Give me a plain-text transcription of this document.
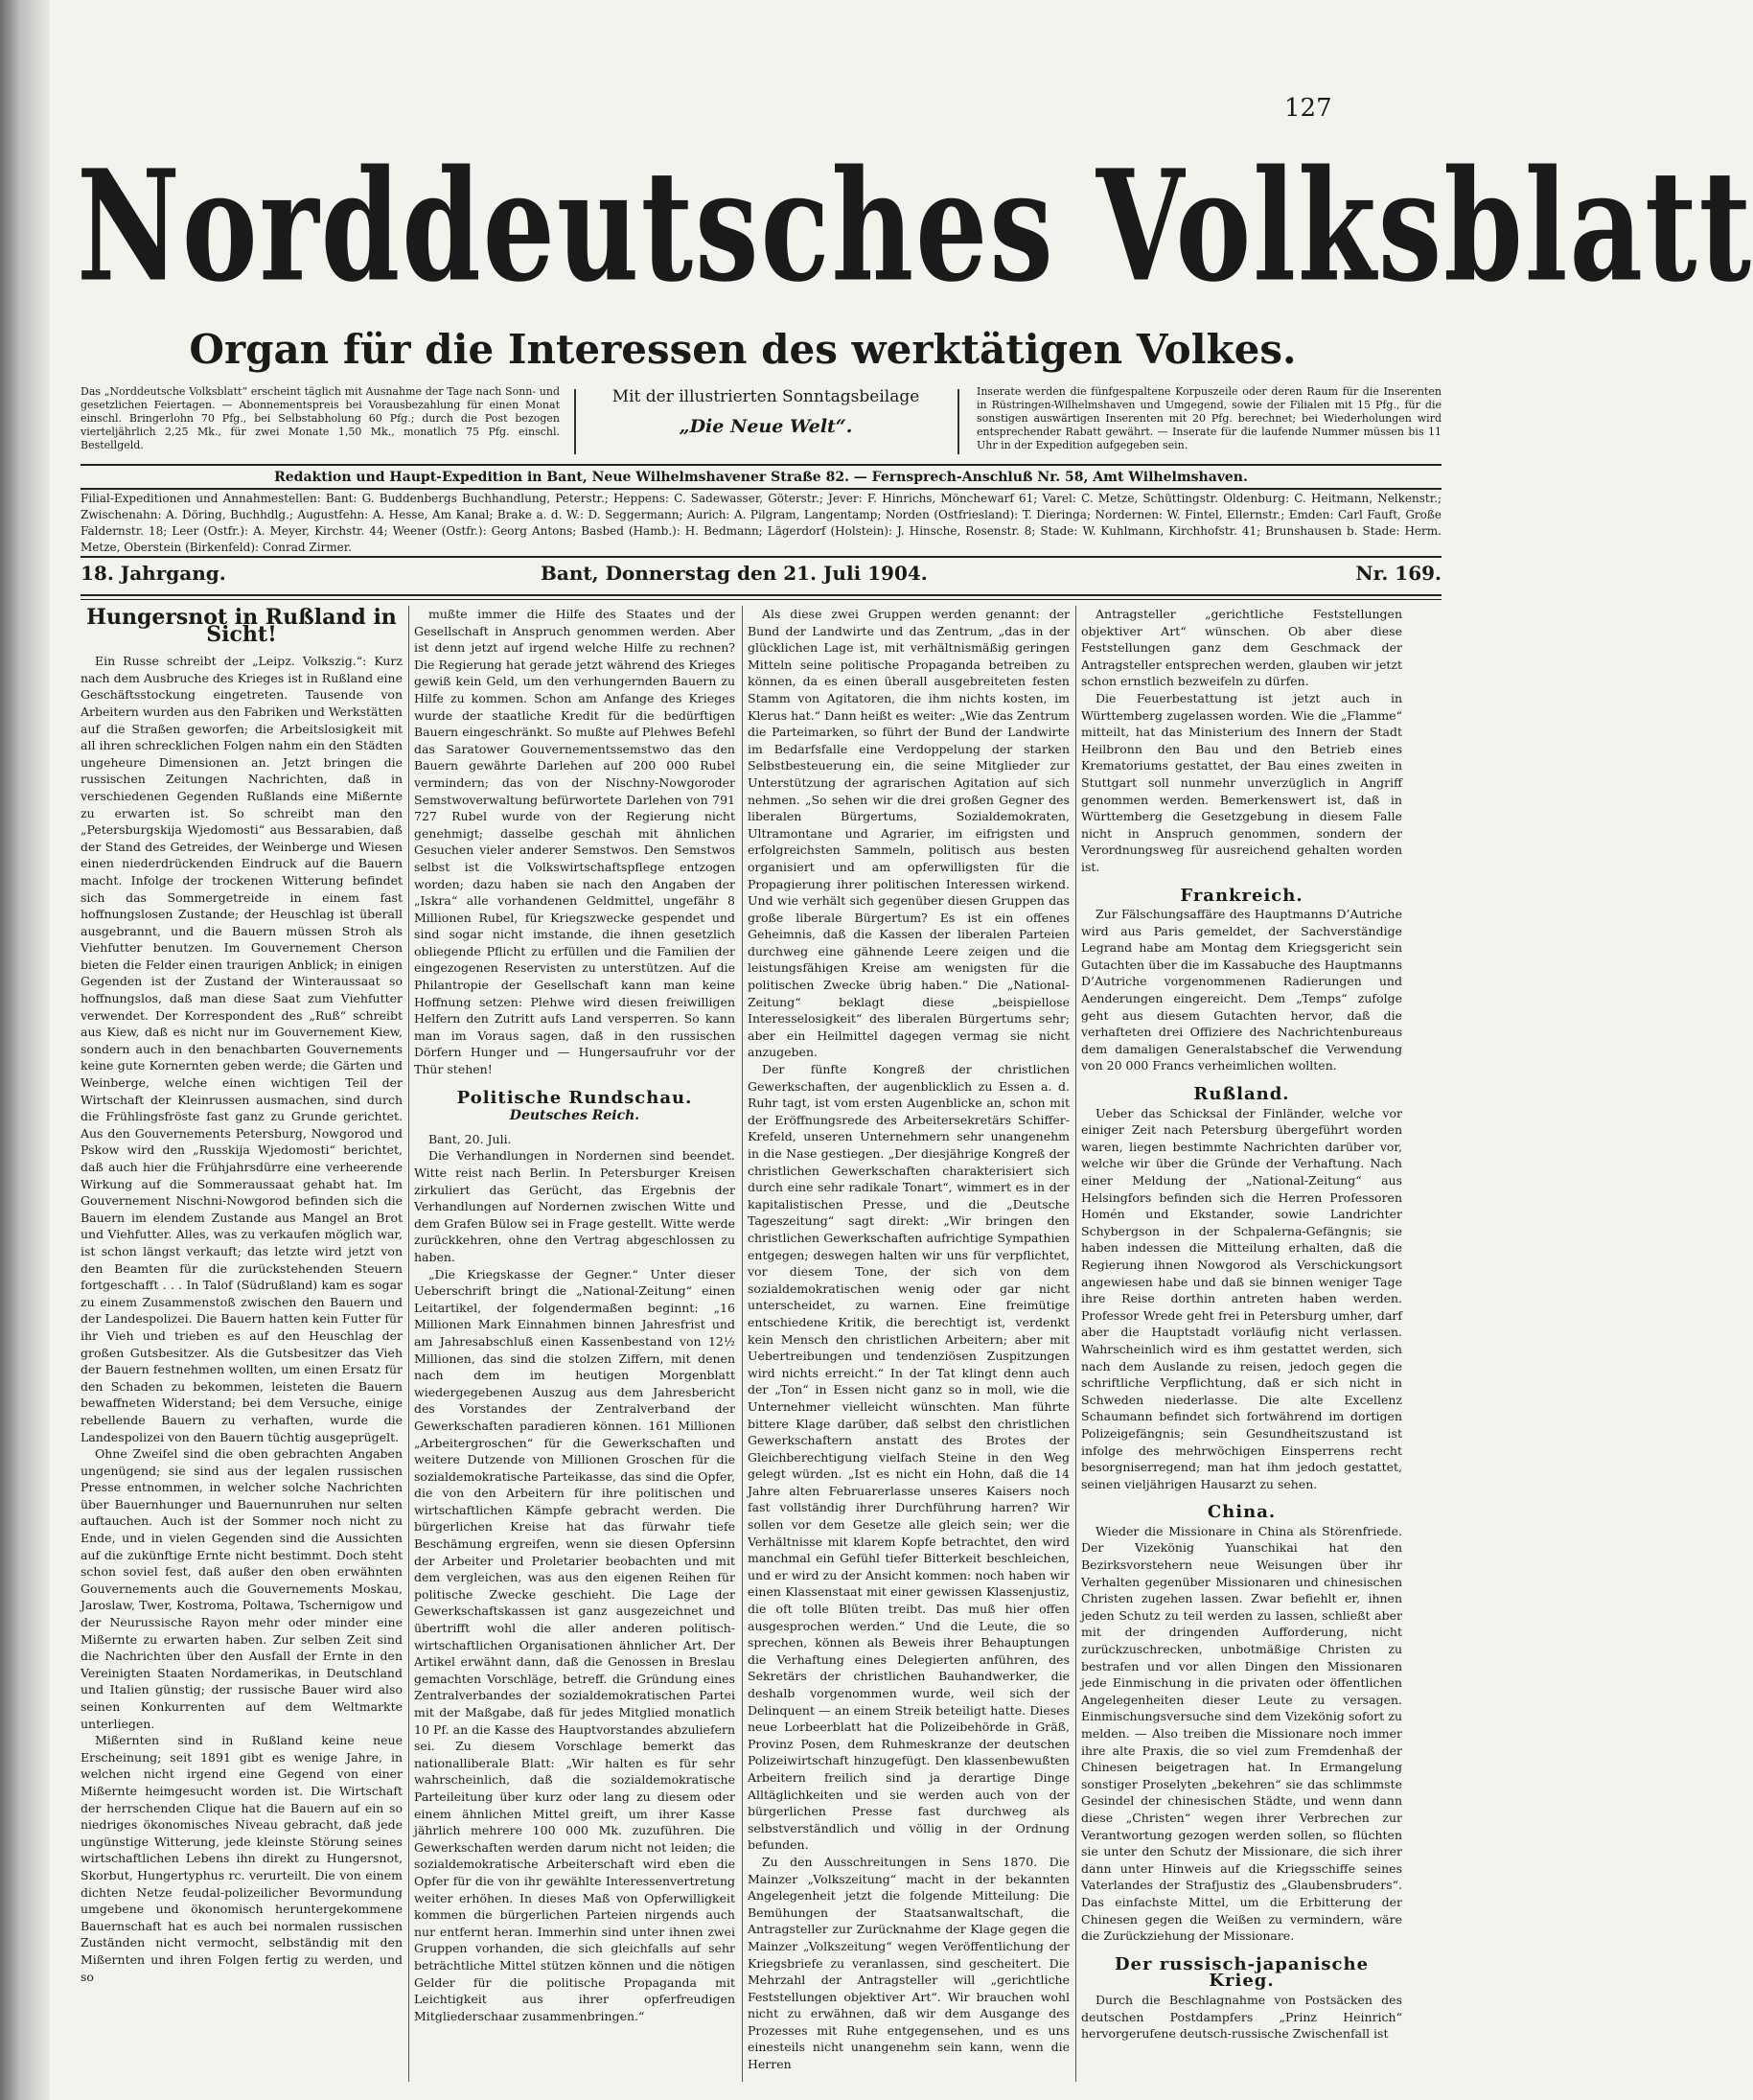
127
Norddeutsches Volksblatt
Organ für die Interessen des werktätigen Volkes.
Das „Norddeutsche Volksblatt“ erscheint täglich mit Ausnahme der Tage nach Sonn- und gesetzlichen Feiertagen. — Abonnementspreis bei Vorausbezahlung für einen Monat einschl. Bringerlohn 70 Pfg., bei Selbstabholung 60 Pfg.; durch die Post bezogen vierteljährlich 2,25 Mk., für zwei Monate 1,50 Mk., monatlich 75 Pfg. einschl. Bestellgeld.
Mit der illustrierten Sonntagsbeilage
„Die Neue Welt“.
Inserate werden die fünfgespaltene Korpuszeile oder deren Raum für die Inserenten in Rüstringen-Wilhelmshaven und Umgegend, sowie der Filialen mit 15 Pfg., für die sonstigen auswärtigen Inserenten mit 20 Pfg. berechnet; bei Wiederholungen wird entsprechender Rabatt gewährt. — Inserate für die laufende Nummer müssen bis 11 Uhr in der Expedition aufgegeben sein.
Redaktion und Haupt-Expedition in Bant, Neue Wilhelmshavener Straße 82. — Fernsprech-Anschluß Nr. 58, Amt Wilhelmshaven.
Filial-Expeditionen und Annahmestellen: Bant: G. Buddenbergs Buchhandlung, Peterstr.; Heppens: C. Sadewasser, Göterstr.; Jever: F. Hinrichs, Mönchewarf 61; Varel: C. Metze, Schüttingstr. Oldenburg: C. Heitmann, Nelkenstr.; Zwischenahn: A. Döring, Buchhdlg.; Augustfehn: A. Hesse, Am Kanal; Brake a. d. W.: D. Seggermann; Aurich: A. Pilgram, Langentamp; Norden (Ostfriesland): T. Dieringa; Nordernen: W. Fintel, Ellernstr.; Emden: Carl Fauft, Große Faldernstr. 18; Leer (Ostfr.): A. Meyer, Kirchstr. 44; Weener (Ostfr.): Georg Antons; Basbed (Hamb.): H. Bedmann; Lägerdorf (Holstein): J. Hinsche, Rosenstr. 8; Stade: W. Kuhlmann, Kirchhofstr. 41; Brunshausen b. Stade: Herm. Metze, Oberstein (Birkenfeld): Conrad Zirmer.
18. Jahrgang.	Bant, Donnerstag den 21. Juli 1904.	Nr. 169.
Hungersnot in Rußland in Sicht!

Ein Russe schreibt der „Leipz. Volkszig.“: Kurz nach dem Ausbruche des Krieges ist in Rußland eine Geschäftsstockung eingetreten. Tausende von Arbeitern wurden aus den Fabriken und Werkstätten auf die Straßen geworfen; die Arbeitslosigkeit mit all ihren schrecklichen Folgen nahm ein den Städten ungeheure Dimensionen an. Jetzt bringen die russischen Zeitungen Nachrichten, daß in verschiedenen Gegenden Rußlands eine Mißernte zu erwarten ist. So schreibt man den „Petersburgskija Wjedomosti“ aus Bessarabien, daß der Stand des Getreides, der Weinberge und Wiesen einen niederdrückenden Eindruck auf die Bauern macht. Infolge der trockenen Witterung befindet sich das Sommergetreide in einem fast hoffnungslosen Zustande; der Heuschlag ist überall ausgebrannt, und die Bauern müssen Stroh als Viehfutter benutzen. Im Gouvernement Cherson bieten die Felder einen traurigen Anblick; in einigen Gegenden ist der Zustand der Winteraussaat so hoffnungslos, daß man diese Saat zum Viehfutter verwendet. Der Korrespondent des „Ruß“ schreibt aus Kiew, daß es nicht nur im Gouvernement Kiew, sondern auch in den benachbarten Gouvernements keine gute Kornernten geben werde; die Gärten und Weinberge, welche einen wichtigen Teil der Wirtschaft der Kleinrussen ausmachen, sind durch die Frühlingsfröste fast ganz zu Grunde gerichtet. Aus den Gouvernements Petersburg, Nowgorod und Pskow wird den „Russkija Wjedomosti“ berichtet, daß auch hier die Frühjahrsdürre eine verheerende Wirkung auf die Sommeraussaat gehabt hat. Im Gouvernement Nischni-Nowgorod befinden sich die Bauern im elendem Zustande aus Mangel an Brot und Viehfutter. Alles, was zu verkaufen möglich war, ist schon längst verkauft; das letzte wird jetzt von den Beamten für die zurückstehenden Steuern fortgeschafft . . . In Talof (Südrußland) kam es sogar zu einem Zusammenstoß zwischen den Bauern und der Landespolizei. Die Bauern hatten kein Futter für ihr Vieh und trieben es auf den Heuschlag der großen Gutsbesitzer. Als die Gutsbesitzer das Vieh der Bauern festnehmen wollten, um einen Ersatz für den Schaden zu bekommen, leisteten die Bauern bewaffneten Widerstand; bei dem Versuche, einige rebellende Bauern zu verhaften, wurde die Landespolizei von den Bauern tüchtig ausgeprügelt.

Ohne Zweifel sind die oben gebrachten Angaben ungenügend; sie sind aus der legalen russischen Presse entnommen, in welcher solche Nachrichten über Bauernhunger und Bauernunruhen nur selten auftauchen. Auch ist der Sommer noch nicht zu Ende, und in vielen Gegenden sind die Aussichten auf die zukünftige Ernte nicht bestimmt. Doch steht schon soviel fest, daß außer den oben erwähnten Gouvernements auch die Gouvernements Moskau, Jaroslaw, Twer, Kostroma, Poltawa, Tschernigow und der Neurussische Rayon mehr oder minder eine Mißernte zu erwarten haben. Zur selben Zeit sind die Nachrichten über den Ausfall der Ernte in den Vereinigten Staaten Nordamerikas, in Deutschland und Italien günstig; der russische Bauer wird also seinen Konkurrenten auf dem Weltmarkte unterliegen.

Mißernten sind in Rußland keine neue Erscheinung; seit 1891 gibt es wenige Jahre, in welchen nicht irgend eine Gegend von einer Mißernte heimgesucht worden ist. Die Wirtschaft der herrschenden Clique hat die Bauern auf ein so niedriges ökonomisches Niveau gebracht, daß jede ungünstige Witterung, jede kleinste Störung seines wirtschaftlichen Lebens ihn direkt zu Hungersnot, Skorbut, Hungertyphus rc. verurteilt. Die von einem dichten Netze feudal-polizeilicher Bevormundung umgebene und ökonomisch heruntergekommene Bauernschaft hat es auch bei normalen russischen Zuständen nicht vermocht, selbständig mit den Mißernten und ihren Folgen fertig zu werden, und so

mußte immer die Hilfe des Staates und der Gesellschaft in Anspruch genommen werden. Aber ist denn jetzt auf irgend welche Hilfe zu rechnen? Die Regierung hat gerade jetzt während des Krieges gewiß kein Geld, um den verhungernden Bauern zu Hilfe zu kommen. Schon am Anfange des Krieges wurde der staatliche Kredit für die bedürftigen Bauern eingeschränkt. So mußte auf Plehwes Befehl das Saratower Gouvernementssemstwo das den Bauern gewährte Darlehen auf 200 000 Rubel vermindern; das von der Nischny-Nowgoroder Semstwoverwaltung befürwortete Darlehen von 791 727 Rubel wurde von der Regierung nicht genehmigt; dasselbe geschah mit ähnlichen Gesuchen vieler anderer Semstwos. Den Semstwos selbst ist die Volkswirtschaftspflege entzogen worden; dazu haben sie nach den Angaben der „Iskra“ alle vorhandenen Geldmittel, ungefähr 8 Millionen Rubel, für Kriegszwecke gespendet und sind sogar nicht imstande, die ihnen gesetzlich obliegende Pflicht zu erfüllen und die Familien der eingezogenen Reservisten zu unterstützen. Auf die Philantropie der Gesellschaft kann man keine Hoffnung setzen: Plehwe wird diesen freiwilligen Helfern den Zutritt aufs Land versperren. So kann man im Voraus sagen, daß in den russischen Dörfern Hunger und — Hungersaufruhr vor der Thür stehen!

Politische Rundschau.
Deutsches Reich.

Bant, 20. Juli.

Die Verhandlungen in Nordernen sind beendet. Witte reist nach Berlin. In Petersburger Kreisen zirkuliert das Gerücht, das Ergebnis der Verhandlungen auf Nordernen zwischen Witte und dem Grafen Bülow sei in Frage gestellt. Witte werde zurückkehren, ohne den Vertrag abgeschlossen zu haben.

„Die Kriegskasse der Gegner.“ Unter dieser Ueberschrift bringt die „National-Zeitung“ einen Leitartikel, der folgendermaßen beginnt: „16 Millionen Mark Einnahmen binnen Jahresfrist und am Jahresabschluß einen Kassenbestand von 12½ Millionen, das sind die stolzen Ziffern, mit denen nach dem im heutigen Morgenblatt wiedergegebenen Auszug aus dem Jahresbericht des Vorstandes der Zentralverband der Gewerkschaften paradieren können. 161 Millionen „Arbeitergroschen“ für die Gewerkschaften und weitere Dutzende von Millionen Groschen für die sozialdemokratische Parteikasse, das sind die Opfer, die von den Arbeitern für ihre politischen und wirtschaftlichen Kämpfe gebracht werden. Die bürgerlichen Kreise hat das fürwahr tiefe Beschämung ergreifen, wenn sie diesen Opfersinn der Arbeiter und Proletarier beobachten und mit dem vergleichen, was aus den eigenen Reihen für politische Zwecke geschieht. Die Lage der Gewerkschaftskassen ist ganz ausgezeichnet und übertrifft wohl die aller anderen politisch-wirtschaftlichen Organisationen ähnlicher Art. Der Artikel erwähnt dann, daß die Genossen in Breslau gemachten Vorschläge, betreff. die Gründung eines Zentralverbandes der sozialdemokratischen Partei mit der Maßgabe, daß für jedes Mitglied monatlich 10 Pf. an die Kasse des Hauptvorstandes abzuliefern sei. Zu diesem Vorschlage bemerkt das nationalliberale Blatt: „Wir halten es für sehr wahrscheinlich, daß die sozialdemokratische Parteileitung über kurz oder lang zu diesem oder einem ähnlichen Mittel greift, um ihrer Kasse jährlich mehrere 100 000 Mk. zuzuführen. Die Gewerkschaften werden darum nicht not leiden; die sozialdemokratische Arbeiterschaft wird eben die Opfer für die von ihr gewählte Interessenvertretung weiter erhöhen. In dieses Maß von Opferwilligkeit kommen die bürgerlichen Parteien nirgends auch nur entfernt heran. Immerhin sind unter ihnen zwei Gruppen vorhanden, die sich gleichfalls auf sehr beträchtliche Mittel stützen können und die nötigen Gelder für die politische Propaganda mit Leichtigkeit aus ihrer opferfreudigen Mitgliederschaar zusammenbringen.“

Als diese zwei Gruppen werden genannt: der Bund der Landwirte und das Zentrum, „das in der glücklichen Lage ist, mit verhältnismäßig geringen Mitteln seine politische Propaganda betreiben zu können, da es einen überall ausgebreiteten festen Stamm von Agitatoren, die ihm nichts kosten, im Klerus hat.“ Dann heißt es weiter: „Wie das Zentrum die Parteimarken, so führt der Bund der Landwirte im Bedarfsfalle eine Verdoppelung der starken Selbstbesteuerung ein, die seine Mitglieder zur Unterstützung der agrarischen Agitation auf sich nehmen. „So sehen wir die drei großen Gegner des liberalen Bürgertums, Sozialdemokraten, Ultramontane und Agrarier, im eifrigsten und erfolgreichsten Sammeln, politisch aus besten organisiert und am opferwilligsten für die Propagierung ihrer politischen Interessen wirkend. Und wie verhält sich gegenüber diesen Gruppen das große liberale Bürgertum? Es ist ein offenes Geheimnis, daß die Kassen der liberalen Parteien durchweg eine gähnende Leere zeigen und die leistungsfähigen Kreise am wenigsten für die politischen Zwecke übrig haben.“ Die „National-Zeitung“ beklagt diese „beispiellose Interesselosigkeit“ des liberalen Bürgertums sehr; aber ein Heilmittel dagegen vermag sie nicht anzugeben.

Der fünfte Kongreß der christlichen Gewerkschaften, der augenblicklich zu Essen a. d. Ruhr tagt, ist vom ersten Augenblicke an, schon mit der Eröffnungsrede des Arbeitersekretärs Schiffer-Krefeld, unseren Unternehmern sehr unangenehm in die Nase gestiegen. „Der diesjährige Kongreß der christlichen Gewerkschaften charakterisiert sich durch eine sehr radikale Tonart“, wimmert es in der kapitalistischen Presse, und die „Deutsche Tageszeitung“ sagt direkt: „Wir bringen den christlichen Gewerkschaften aufrichtige Sympathien entgegen; deswegen halten wir uns für verpflichtet, vor diesem Tone, der sich von dem sozialdemokratischen wenig oder gar nicht unterscheidet, zu warnen. Eine freimütige entschiedene Kritik, die berechtigt ist, verdenkt kein Mensch den christlichen Arbeitern; aber mit Uebertreibungen und tendenziösen Zuspitzungen wird nichts erreicht.“ In der Tat klingt denn auch der „Ton“ in Essen nicht ganz so in moll, wie die Unternehmer vielleicht wünschten. Man führte bittere Klage darüber, daß selbst den christlichen Gewerkschaftern anstatt des Brotes der Gleichberechtigung vielfach Steine in den Weg gelegt würden. „Ist es nicht ein Hohn, daß die 14 Jahre alten Februarerlasse unseres Kaisers noch fast vollständig ihrer Durchführung harren? Wir sollen vor dem Gesetze alle gleich sein; wer die Verhältnisse mit klarem Kopfe betrachtet, den wird manchmal ein Gefühl tiefer Bitterkeit beschleichen, und er wird zu der Ansicht kommen: noch haben wir einen Klassenstaat mit einer gewissen Klassenjustiz, die oft tolle Blüten treibt. Das muß hier offen ausgesprochen werden.“ Und die Leute, die so sprechen, können als Beweis ihrer Behauptungen die Verhaftung eines Delegierten anführen, des Sekretärs der christlichen Bauhandwerker, die deshalb vorgenommen wurde, weil sich der Delinquent — an einem Streik beteiligt hatte. Dieses neue Lorbeerblatt hat die Polizeibehörde in Gräß, Provinz Posen, dem Ruhmeskranze der deutschen Polizeiwirtschaft hinzugefügt. Den klassenbewußten Arbeitern freilich sind ja derartige Dinge Alltäglichkeiten und sie werden auch von der bürgerlichen Presse fast durchweg als selbstverständlich und völlig in der Ordnung befunden.

Zu den Ausschreitungen in Sens 1870. Die Mainzer „Volkszeitung“ macht in der bekannten Angelegenheit jetzt die folgende Mitteilung: Die Bemühungen der Staatsanwaltschaft, die Antragsteller zur Zurücknahme der Klage gegen die Mainzer „Volkszeitung“ wegen Veröffentlichung der Kriegsbriefe zu veranlassen, sind gescheitert. Die Mehrzahl der Antragsteller will „gerichtliche Feststellungen objektiver Art“. Wir brauchen wohl nicht zu erwähnen, daß wir dem Ausgange des Prozesses mit Ruhe entgegensehen, und es uns einesteils nicht unangenehm sein kann, wenn die Herren

Antragsteller „gerichtliche Feststellungen objektiver Art“ wünschen. Ob aber diese Feststellungen ganz dem Geschmack der Antragsteller entsprechen werden, glauben wir jetzt schon ernstlich bezweifeln zu dürfen.

Die Feuerbestattung ist jetzt auch in Württemberg zugelassen worden. Wie die „Flamme“ mitteilt, hat das Ministerium des Innern der Stadt Heilbronn den Bau und den Betrieb eines Krematoriums gestattet, der Bau eines zweiten in Stuttgart soll nunmehr unverzüglich in Angriff genommen werden. Bemerkenswert ist, daß in Württemberg die Gesetzgebung in diesem Falle nicht in Anspruch genommen, sondern der Verordnungsweg für ausreichend gehalten worden ist.

Frankreich.

Zur Fälschungsaffäre des Hauptmanns D’Autriche wird aus Paris gemeldet, der Sachverständige Legrand habe am Montag dem Kriegsgericht sein Gutachten über die im Kassabuche des Hauptmanns D’Autriche vorgenommenen Radierungen und Aenderungen eingereicht. Dem „Temps“ zufolge geht aus diesem Gutachten hervor, daß die verhafteten drei Offiziere des Nachrichtenbureaus dem damaligen Generalstabschef die Verwendung von 20 000 Francs verheimlichen wollten.

Rußland.

Ueber das Schicksal der Finländer, welche vor einiger Zeit nach Petersburg übergeführt worden waren, liegen bestimmte Nachrichten darüber vor, welche wir über die Gründe der Verhaftung. Nach einer Meldung der „National-Zeitung“ aus Helsingfors befinden sich die Herren Professoren Homén und Ekstander, sowie Landrichter Schybergson in der Schpalerna-Gefängnis; sie haben indessen die Mitteilung erhalten, daß die Regierung ihnen Nowgorod als Verschickungsort angewiesen habe und daß sie binnen weniger Tage ihre Reise dorthin antreten haben werden. Professor Wrede geht frei in Petersburg umher, darf aber die Hauptstadt vorläufig nicht verlassen. Wahrscheinlich wird es ihm gestattet werden, sich nach dem Auslande zu reisen, jedoch gegen die schriftliche Verpflichtung, daß er sich nicht in Schweden niederlasse. Die alte Excellenz Schaumann befindet sich fortwährend im dortigen Polizeigefängnis; sein Gesundheitszustand ist infolge des mehrwöchigen Einsperrens recht besorgniserregend; man hat ihm jedoch gestattet, seinen vieljährigen Hausarzt zu sehen.

China.

Wieder die Missionare in China als Störenfriede. Der Vizekönig Yuanschikai hat den Bezirksvorstehern neue Weisungen über ihr Verhalten gegenüber Missionaren und chinesischen Christen zugehen lassen. Zwar befiehlt er, ihnen jeden Schutz zu teil werden zu lassen, schließt aber mit der dringenden Aufforderung, nicht zurückzuschrecken, unbotmäßige Christen zu bestrafen und vor allen Dingen den Missionaren jede Einmischung in die privaten oder öffentlichen Angelegenheiten dieser Leute zu versagen. Einmischungsversuche sind dem Vizekönig sofort zu melden. — Also treiben die Missionare noch immer ihre alte Praxis, die so viel zum Fremdenhaß der Chinesen beigetragen hat. In Ermangelung sonstiger Proselyten „bekehren“ sie das schlimmste Gesindel der chinesischen Städte, und wenn dann diese „Christen“ wegen ihrer Verbrechen zur Verantwortung gezogen werden sollen, so flüchten sie unter den Schutz der Missionare, die sich ihrer dann unter Hinweis auf die Kriegsschiffe seines Vaterlandes der Strafjustiz des „Glaubensbruders“. Das einfachste Mittel, um die Erbitterung der Chinesen gegen die Weißen zu vermindern, wäre die Zurückziehung der Missionare.

Der russisch-japanische Krieg.

Durch die Beschlagnahme von Postsäcken des deutschen Postdampfers „Prinz Heinrich“ hervorgerufene deutsch-russische Zwischenfall ist
